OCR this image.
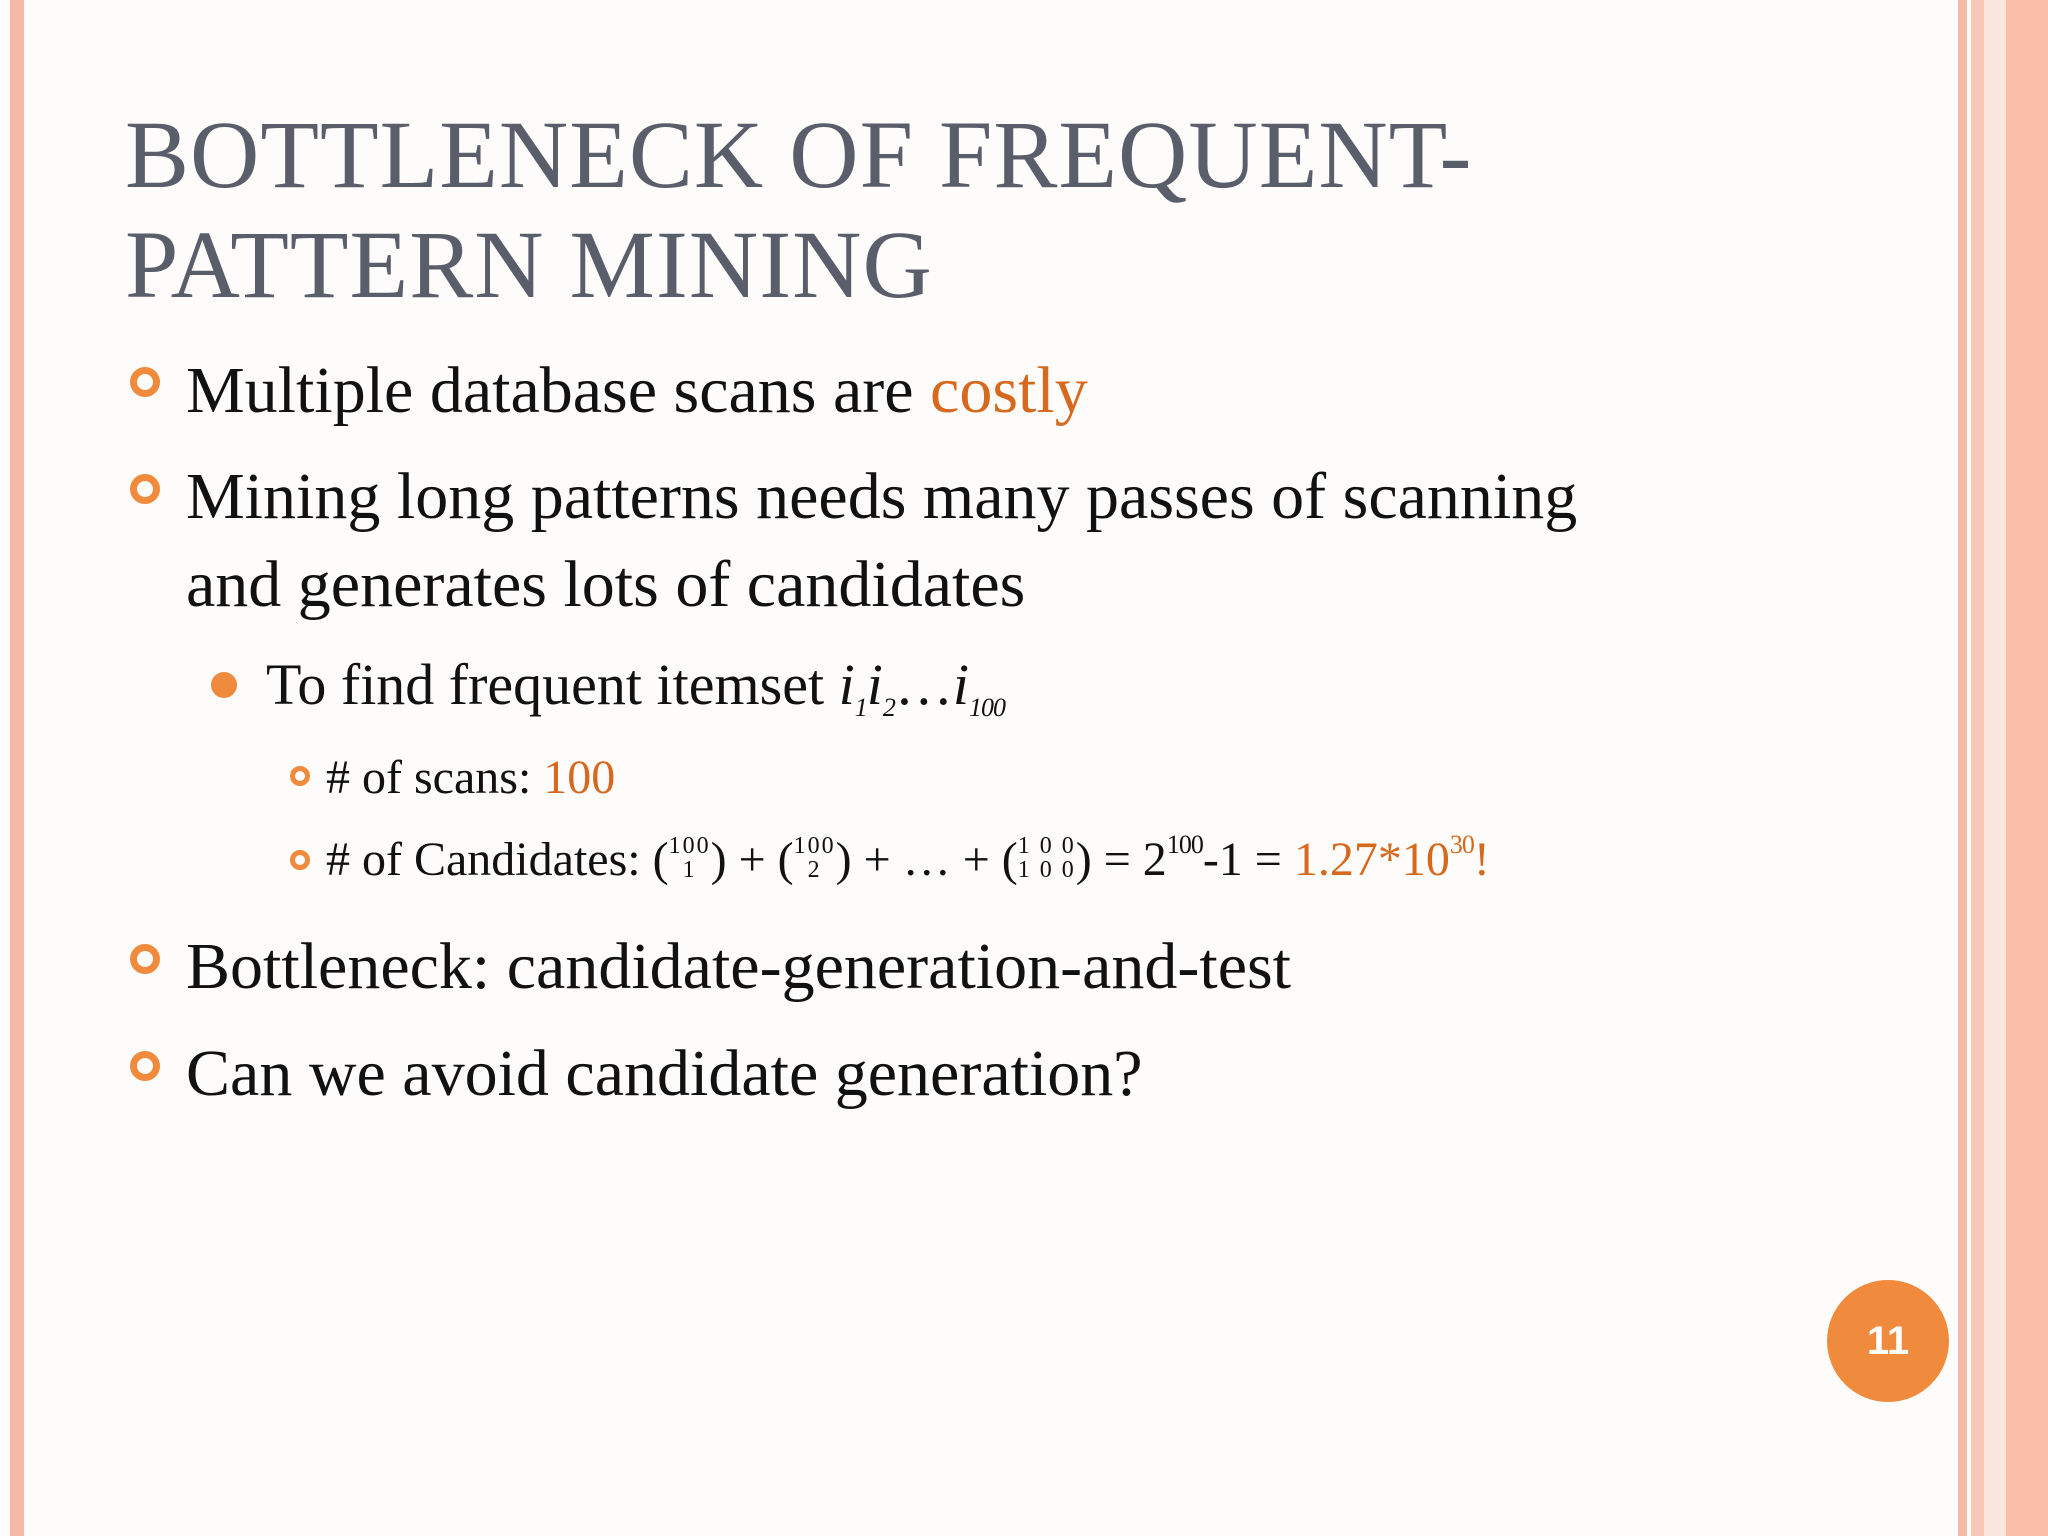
BOTTLENECK OF FREQUENT-
PATTERN MINING
Multiple database scans are costly
Mining long patterns needs many passes of scanning
and generates lots of candidates
To find frequent itemset $i_1i_2\dots i_{100}$
# of scans: 100
# of Candidates: ( 100
1 ) + ( 100
2 ) + … + ( 1 0 0
1 0 0 ) = $2^{100}-1 = 1.27*10^{30}$!
Bottleneck: candidate-generation-and-test
Can we avoid candidate generation?
11
